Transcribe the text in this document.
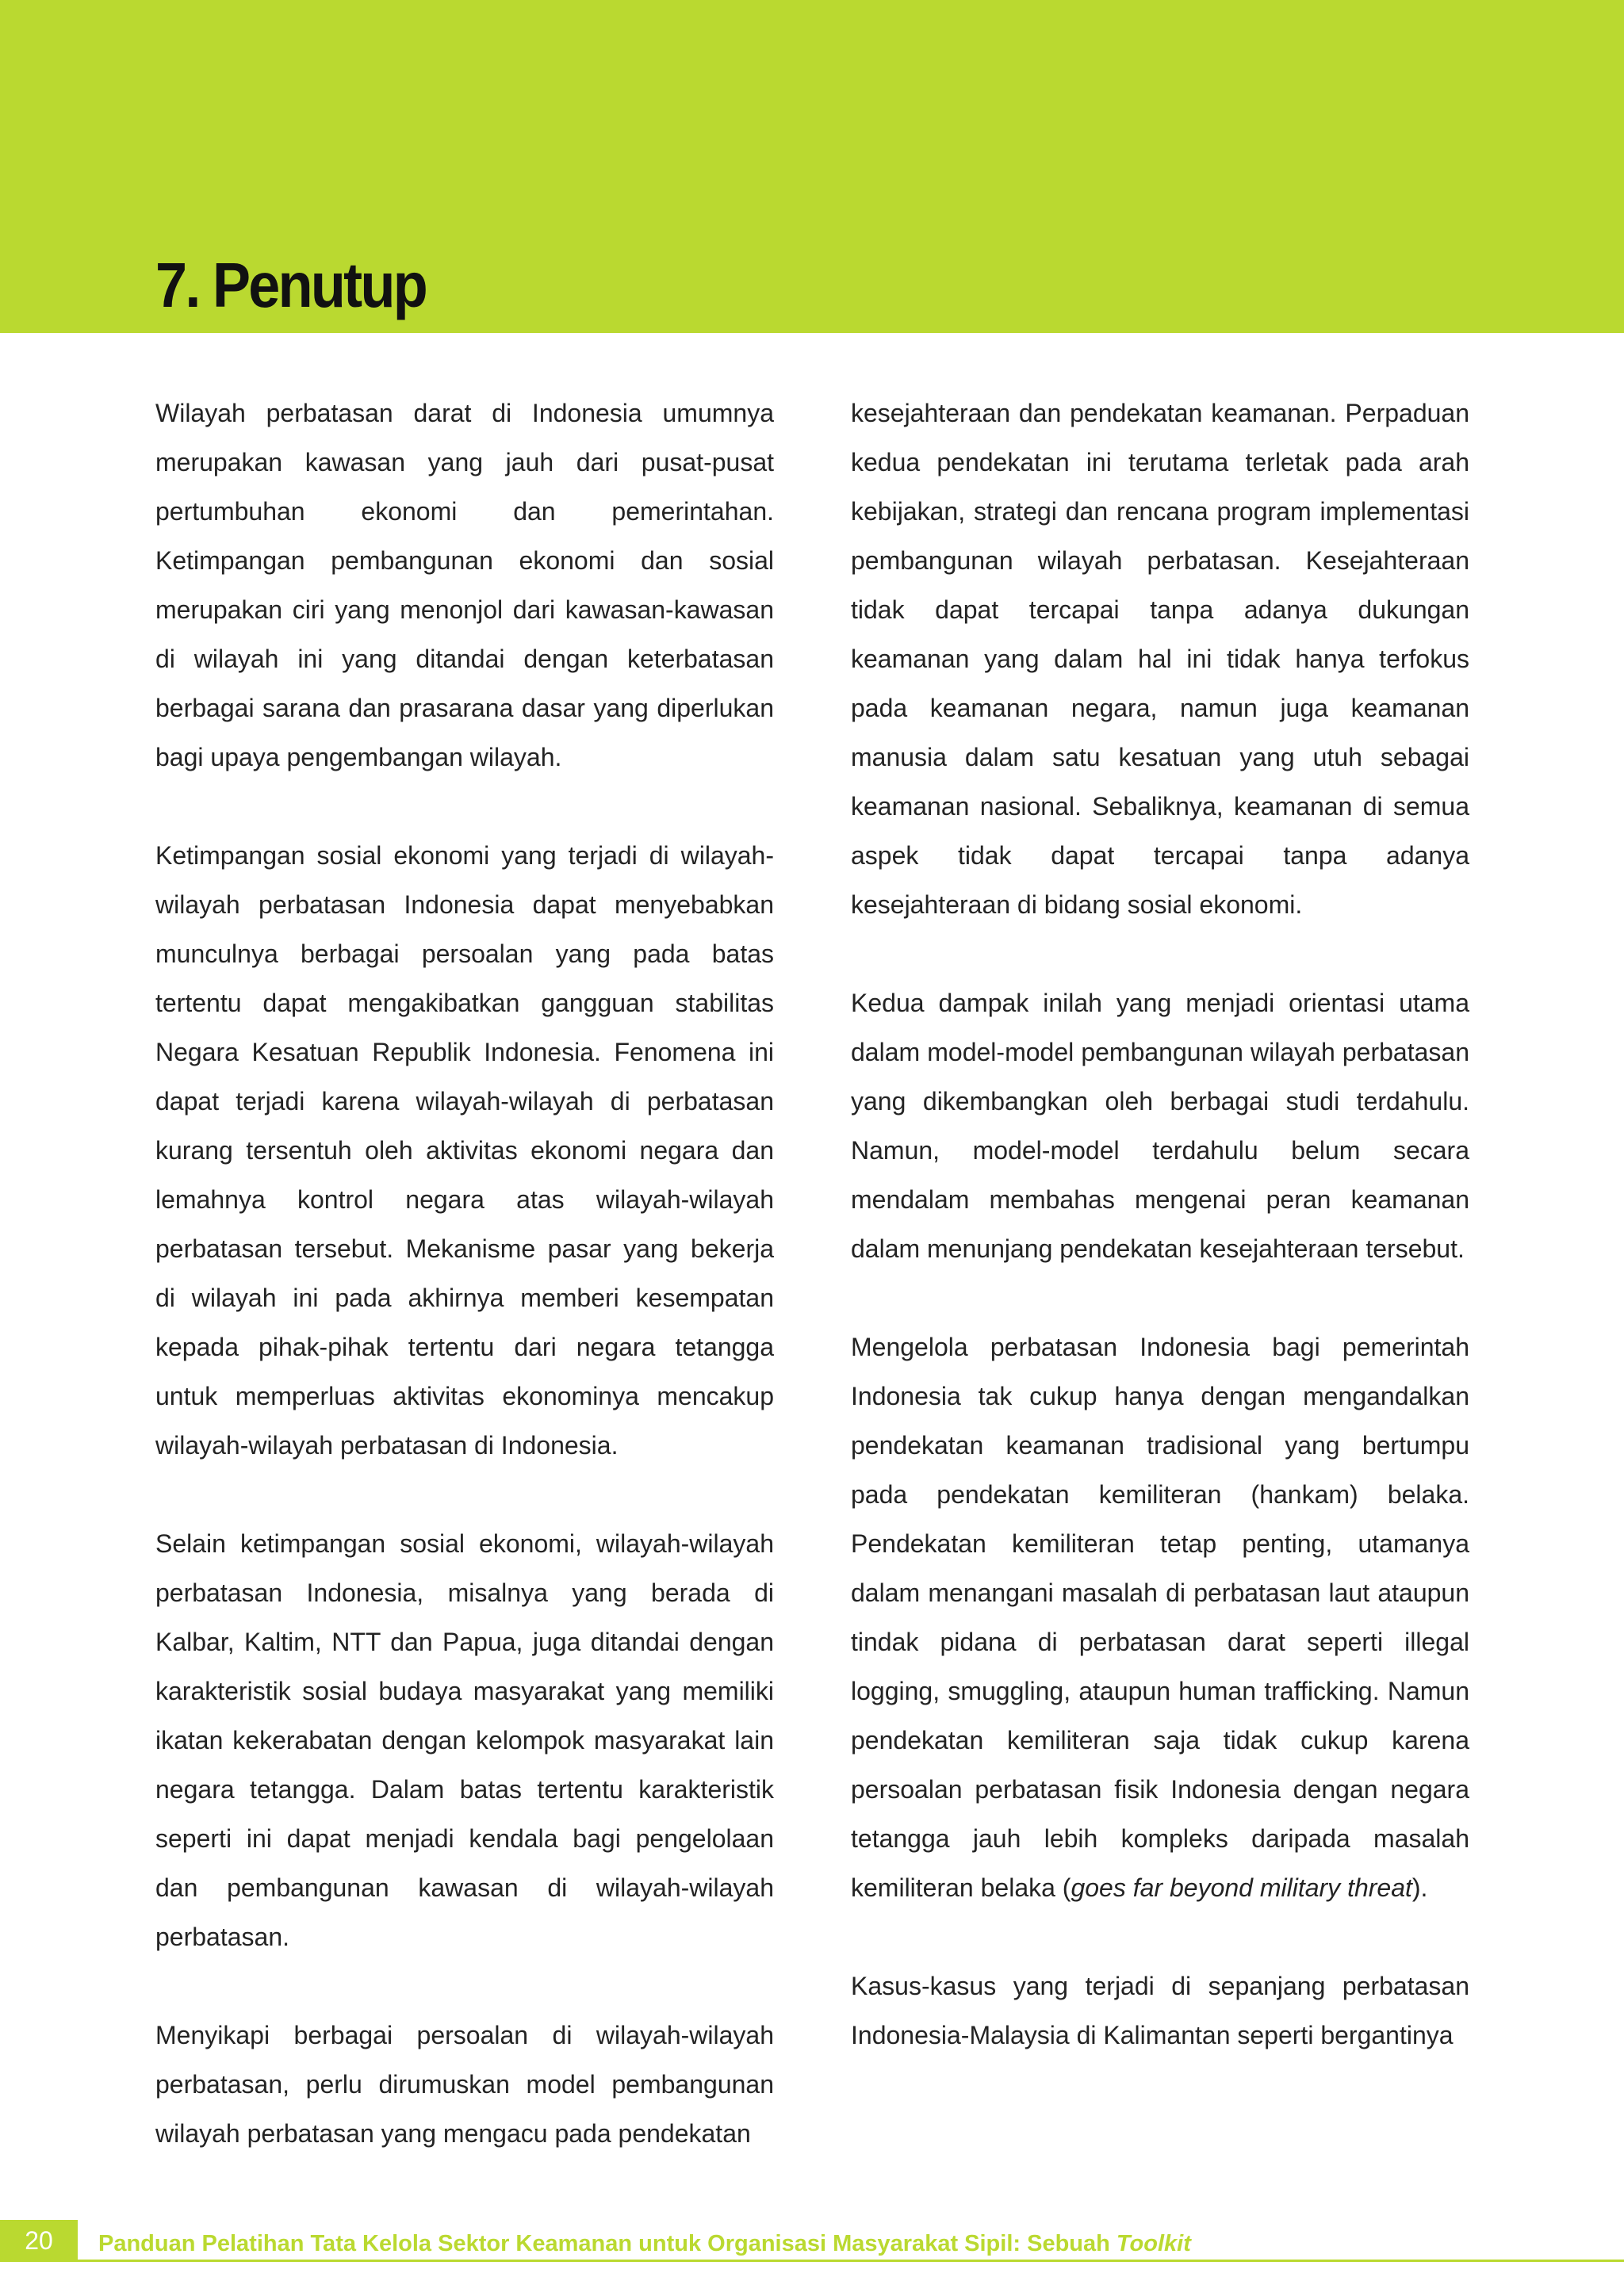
7. Penutup

Wilayah perbatasan darat di Indonesia umumnya merupakan kawasan yang jauh dari pusat-pusat pertumbuhan ekonomi dan pemerintahan. Ketimpangan pembangunan ekonomi dan sosial merupakan ciri yang menonjol dari kawasan-kawasan di wilayah ini yang ditandai dengan keterbatasan berbagai sarana dan prasarana dasar yang diperlukan bagi upaya pengembangan wilayah.

Ketimpangan sosial ekonomi yang terjadi di wilayah-wilayah perbatasan Indonesia dapat menyebabkan munculnya berbagai persoalan yang pada batas tertentu dapat mengakibatkan gangguan stabilitas Negara Kesatuan Republik Indonesia. Fenomena ini dapat terjadi karena wilayah-wilayah di perbatasan kurang tersentuh oleh aktivitas ekonomi negara dan lemahnya kontrol negara atas wilayah-wilayah perbatasan tersebut. Mekanisme pasar yang bekerja di wilayah ini pada akhirnya memberi kesempatan kepada pihak-pihak tertentu dari negara tetangga untuk memperluas aktivitas ekonominya mencakup wilayah-wilayah perbatasan di Indonesia.

Selain ketimpangan sosial ekonomi, wilayah-wilayah perbatasan Indonesia, misalnya yang berada di Kalbar, Kaltim, NTT dan Papua, juga ditandai dengan karakteristik sosial budaya masyarakat yang memiliki ikatan kekerabatan dengan kelompok masyarakat lain negara tetangga. Dalam batas tertentu karakteristik seperti ini dapat menjadi kendala bagi pengelolaan dan pembangunan kawasan di wilayah-wilayah perbatasan.

Menyikapi berbagai persoalan di wilayah-wilayah perbatasan, perlu dirumuskan model pembangunan wilayah perbatasan yang mengacu pada pendekatan

kesejahteraan dan pendekatan keamanan. Perpaduan kedua pendekatan ini terutama terletak pada arah kebijakan, strategi dan rencana program implementasi pembangunan wilayah perbatasan. Kesejahteraan tidak dapat tercapai tanpa adanya dukungan keamanan yang dalam hal ini tidak hanya terfokus pada keamanan negara, namun juga keamanan manusia dalam satu kesatuan yang utuh sebagai keamanan nasional. Sebaliknya, keamanan di semua aspek tidak dapat tercapai tanpa adanya kesejahteraan di bidang sosial ekonomi.

Kedua dampak inilah yang menjadi orientasi utama dalam model-model pembangunan wilayah perbatasan yang dikembangkan oleh berbagai studi terdahulu. Namun, model-model terdahulu belum secara mendalam membahas mengenai peran keamanan dalam menunjang pendekatan kesejahteraan tersebut.

Mengelola perbatasan Indonesia bagi pemerintah Indonesia tak cukup hanya dengan mengandalkan pendekatan keamanan tradisional yang bertumpu pada pendekatan kemiliteran (hankam) belaka. Pendekatan kemiliteran tetap penting, utamanya dalam menangani masalah di perbatasan laut ataupun tindak pidana di perbatasan darat seperti illegal logging, smuggling, ataupun human trafficking. Namun pendekatan kemiliteran saja tidak cukup karena persoalan perbatasan fisik Indonesia dengan negara tetangga jauh lebih kompleks daripada masalah kemiliteran belaka (goes far beyond military threat).

Kasus-kasus yang terjadi di sepanjang perbatasan Indonesia-Malaysia di Kalimantan seperti bergantinya

20	Panduan Pelatihan Tata Kelola Sektor Keamanan untuk Organisasi Masyarakat Sipil: Sebuah Toolkit
